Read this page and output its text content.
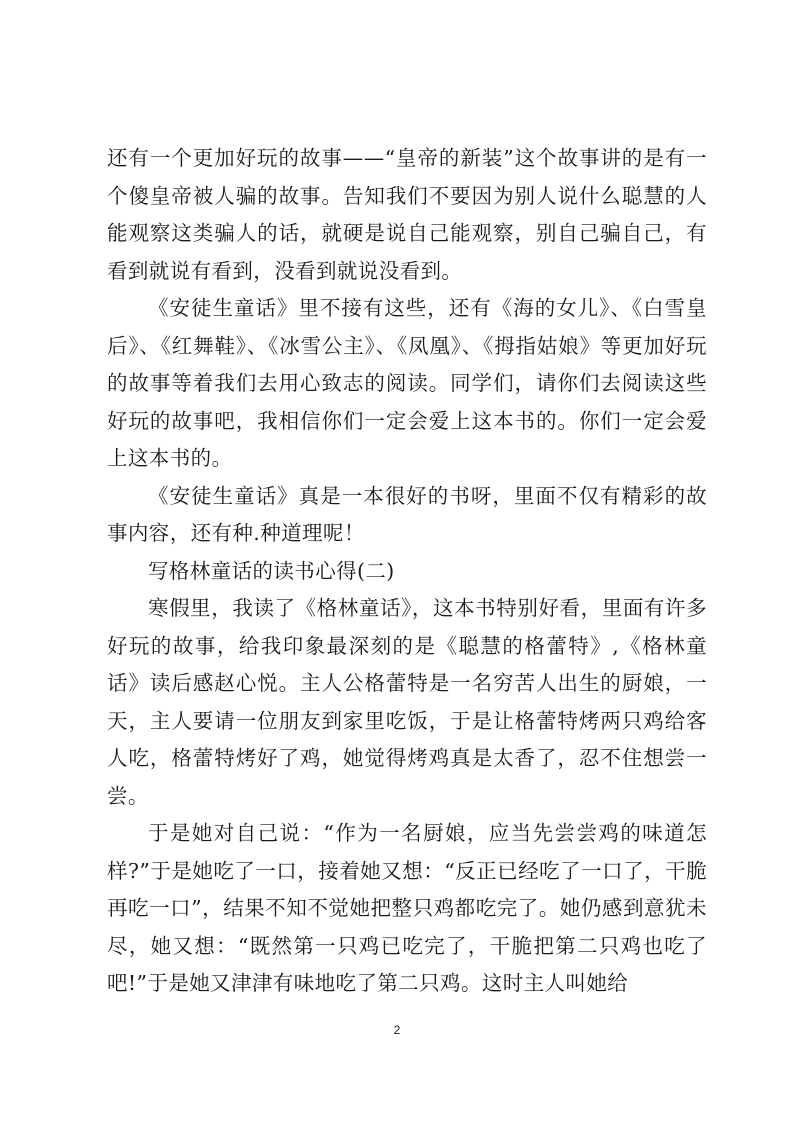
还有一个更加好玩的故事——“皇帝的新装”这个故事讲的是有一个傻皇帝被人骗的故事。告知我们不要因为别人说什么聪慧的人能观察这类骗人的话，就硬是说自己能观察，别自己骗自己，有看到就说有看到，没看到就说没看到。

《安徒生童话》里不接有这些，还有《海的女儿》、《白雪皇后》、《红舞鞋》、《冰雪公主》、《凤凰》、《拇指姑娘》等更加好玩的故事等着我们去用心致志的阅读。同学们，请你们去阅读这些好玩的故事吧，我相信你们一定会爱上这本书的。你们一定会爱上这本书的。

《安徒生童话》真是一本很好的书呀，里面不仅有精彩的故事内容，还有种.种道理呢！

写格林童话的读书心得(二)

寒假里，我读了《格林童话》，这本书特别好看，里面有许多好玩的故事，给我印象最深刻的是《聪慧的格蕾特》,《格林童话》读后感赵心悦。主人公格蕾特是一名穷苦人出生的厨娘，一天，主人要请一位朋友到家里吃饭，于是让格蕾特烤两只鸡给客人吃，格蕾特烤好了鸡，她觉得烤鸡真是太香了，忍不住想尝一尝。

于是她对自己说：“作为一名厨娘，应当先尝尝鸡的味道怎样?”于是她吃了一口，接着她又想：“反正已经吃了一口了，干脆再吃一口”，结果不知不觉她把整只鸡都吃完了。她仍感到意犹未尽，她又想：“既然第一只鸡已吃完了，干脆把第二只鸡也吃了吧!”于是她又津津有味地吃了第二只鸡。这时主人叫她给

2
